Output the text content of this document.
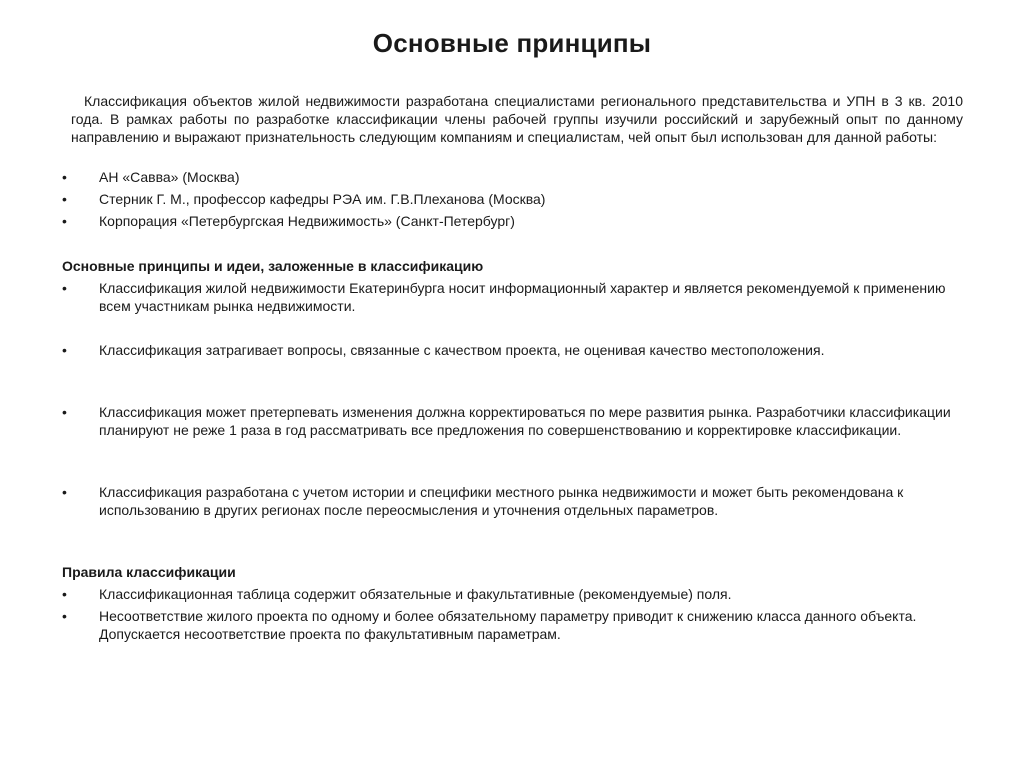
Основные принципы
Классификация объектов жилой недвижимости разработана специалистами регионального представительства и УПН в 3 кв. 2010 года. В рамках работы по разработке классификации члены рабочей группы изучили российский и зарубежный опыт по данному направлению и выражают признательность следующим компаниям и специалистам, чей опыт был использован для данной работы:
•	АН «Савва» (Москва)
•	Стерник Г. М., профессор кафедры РЭА им. Г.В.Плеханова (Москва)
•	Корпорация «Петербургская Недвижимость» (Санкт-Петербург)
Основные принципы и идеи, заложенные в классификацию
•	Классификация жилой недвижимости Екатеринбурга носит информационный характер и является рекомендуемой к применению всем участникам рынка недвижимости.
•	Классификация затрагивает вопросы, связанные с качеством проекта, не оценивая качество местоположения.
•	Классификация может претерпевать изменения должна корректироваться по мере развития рынка. Разработчики классификации планируют не реже 1 раза в год рассматривать все предложения по совершенствованию и корректировке классификации.
•	Классификация разработана с учетом истории и специфики местного рынка недвижимости и может быть рекомендована к использованию в других регионах после переосмысления и уточнения отдельных параметров.
Правила классификации
•	Классификационная таблица содержит обязательные и факультативные (рекомендуемые) поля.
•	Несоответствие жилого проекта по одному и более обязательному параметру приводит к снижению класса данного объекта. Допускается несоответствие проекта по факультативным параметрам.
